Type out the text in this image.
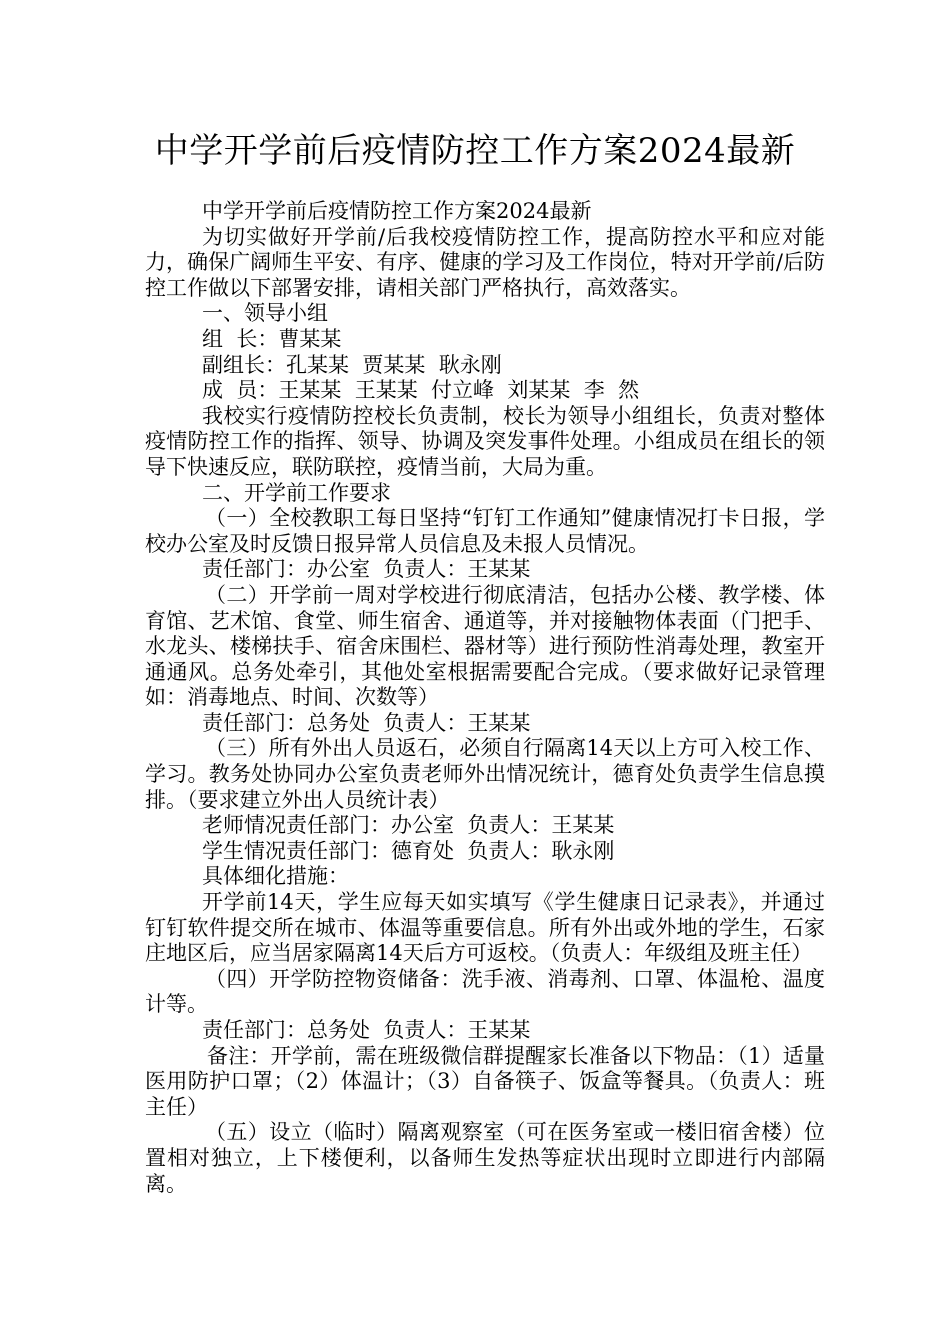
中学开学前后疫情防控工作方案2024最新

中学开学前后疫情防控工作方案2024最新

为切实做好开学前/后我校疫情防控工作，提高防控水平和应对能力，确保广阔师生平安、有序、健康的学习及工作岗位，特对开学前/后防控工作做以下部署安排，请相关部门严格执行，高效落实。

一、领导小组

组  长：曹某某

副组长：孔某某  贾某某  耿永刚

成  员：王某某  王某某  付立峰  刘某某  李  然

我校实行疫情防控校长负责制，校长为领导小组组长，负责对整体疫情防控工作的指挥、领导、协调及突发事件处理。小组成员在组长的领导下快速反应，联防联控，疫情当前，大局为重。

二、开学前工作要求

（一）全校教职工每日坚持“钉钉工作通知”健康情况打卡日报，学校办公室及时反馈日报异常人员信息及未报人员情况。

责任部门：办公室  负责人：王某某

（二）开学前一周对学校进行彻底清洁，包括办公楼、教学楼、体育馆、艺术馆、食堂、师生宿舍、通道等，并对接触物体表面（门把手、水龙头、楼梯扶手、宿舍床围栏、器材等）进行预防性消毒处理，教室开通通风。总务处牵引，其他处室根据需要配合完成。（要求做好记录管理如：消毒地点、时间、次数等）

责任部门：总务处  负责人：王某某

（三）所有外出人员返石，必须自行隔离14天以上方可入校工作、学习。教务处协同办公室负责老师外出情况统计，德育处负责学生信息摸排。（要求建立外出人员统计表）

老师情况责任部门：办公室  负责人：王某某

学生情况责任部门：德育处  负责人：耿永刚

具体细化措施：

开学前14天，学生应每天如实填写《学生健康日记录表》，并通过钉钉软件提交所在城市、体温等重要信息。所有外出或外地的学生，石家庄地区后，应当居家隔离14天后方可返校。（负责人：年级组及班主任）

（四）开学防控物资储备：洗手液、消毒剂、口罩、体温枪、温度计等。

责任部门：总务处  负责人：王某某

备注：开学前，需在班级微信群提醒家长准备以下物品：（1）适量医用防护口罩；（2）体温计；（3）自备筷子、饭盒等餐具。（负责人：班主任）

（五）设立（临时）隔离观察室（可在医务室或一楼旧宿舍楼）位置相对独立，上下楼便利，以备师生发热等症状出现时立即进行内部隔离。
